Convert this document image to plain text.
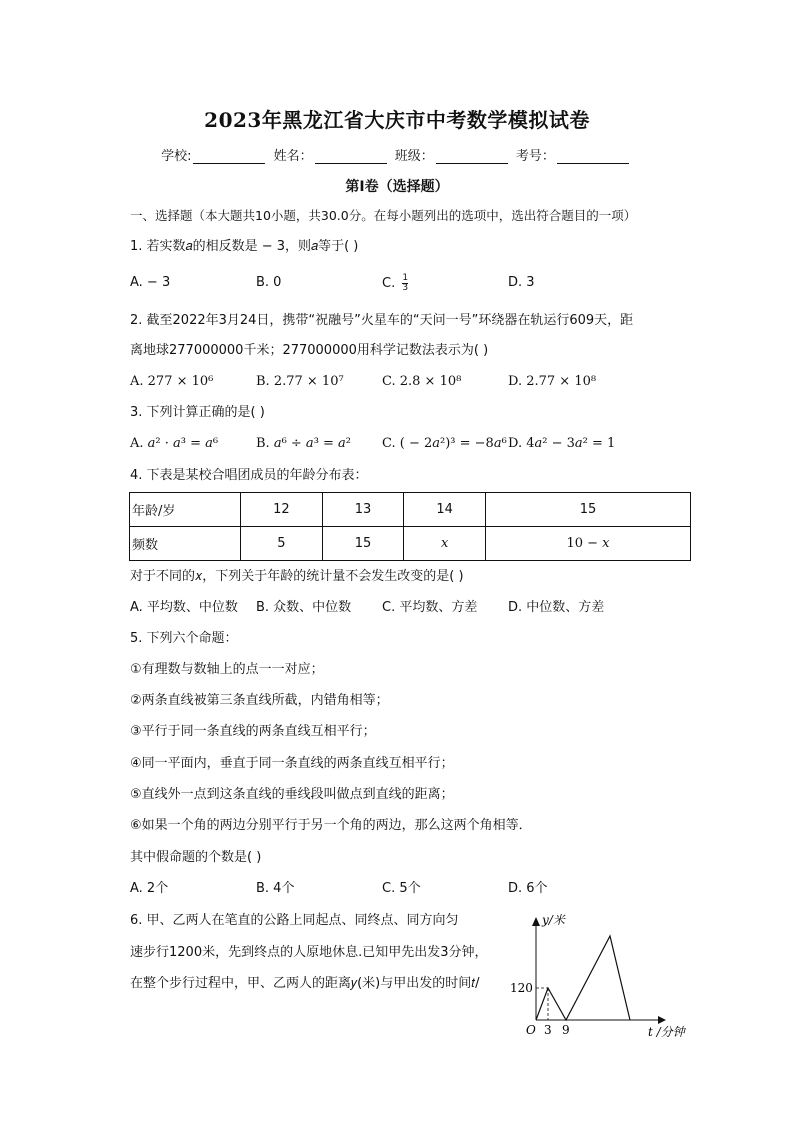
2023年黑龙江省大庆市中考数学模拟试卷
学校:	姓名：	班级：	考号：
第I卷（选择题）
一、选择题（本大题共10小题，共30.0分。在每小题列出的选项中，选出符合题目的一项）
1. 若实数𝑎的相反数是 − 3，则𝑎等于( )
A. − 3	B. 0	C. $\frac{1}{3}$	D. 3
2. 截至2022年3月24日，携带“祝融号”火星车的“天问一号”环绕器在轨运行609天，距
离地球277000000千米；277000000用科学记数法表示为( )
A. 277 × 10⁶	B. 2.77 × 10⁷	C. 2.8 × 10⁸	D. 2.77 × 10⁸
3. 下列计算正确的是( )
A. 𝑎² · 𝑎³ = 𝑎⁶	B. 𝑎⁶ ÷ 𝑎³ = 𝑎² C. ( − 2𝑎²)³ = −8𝑎⁶ D. 4𝑎² − 3𝑎² = 1
4. 下表是某校合唱团成员的年龄分布表：
年龄/岁	12	13	14	15
频数	5	15	𝑥	10 − 𝑥
对于不同的𝑥，下列关于年龄的统计量不会发生改变的是( )
A. 平均数、中位数 B. 众数、中位数 C. 平均数、方差 D. 中位数、方差
5. 下列六个命题：
①有理数与数轴上的点一一对应；
②两条直线被第三条直线所截，内错角相等；
③平行于同一条直线的两条直线互相平行；
④同一平面内，垂直于同一条直线的两条直线互相平行；
⑤直线外一点到这条直线的垂线段叫做点到直线的距离；
⑥如果一个角的两边分别平行于另一个角的两边，那么这两个角相等．
其中假命题的个数是( )
A. 2个	B. 4个	C. 5个	D. 6个
6. 甲、乙两人在笔直的公路上同起点、同终点、同方向匀
速步行1200米，先到终点的人原地休息.已知甲先出发3分钟，
在整个步行过程中，甲、乙两人的距离𝑦(米)与甲出发的时间𝑡/
𝑦/米
120
O 3 9	𝑡 /分钟
